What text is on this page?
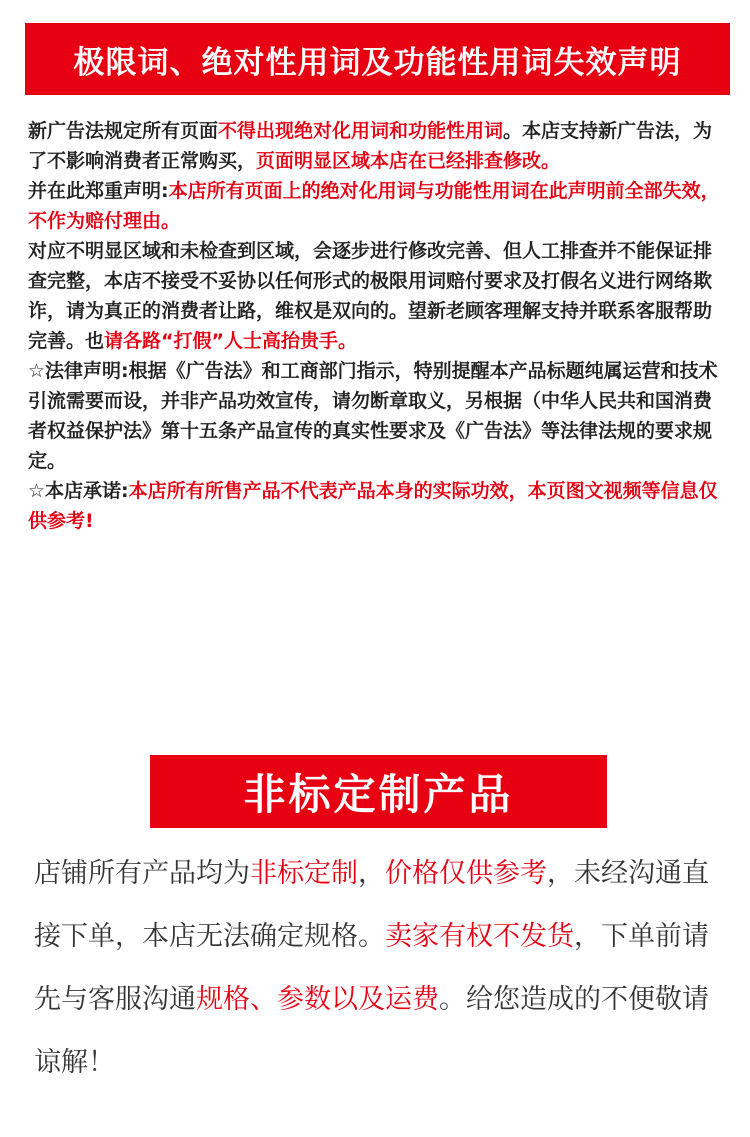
极限词、绝对性用词及功能性用词失效声明

新广告法规定所有页面不得出现绝对化用词和功能性用词。本店支持新广告法，为了不影响消费者正常购买，页面明显区域本店在已经排查修改。

并在此郑重声明:本店所有页面上的绝对化用词与功能性用词在此声明前全部失效，不作为赔付理由。

对应不明显区域和未检查到区域，会逐步进行修改完善、但人工排查并不能保证排查完整，本店不接受不妥协以任何形式的极限用词赔付要求及打假名义进行网络欺诈，请为真正的消费者让路，维权是双向的。望新老顾客理解支持并联系客服帮助完善。也请各路“打假”人士高抬贵手。

☆法律声明:根据《广告法》和工商部门指示，特别提醒本产品标题纯属运营和技术引流需要而设，并非产品功效宣传，请勿断章取义，另根据（中华人民共和国消费者权益保护法》第十五条产品宣传的真实性要求及《广告法》等法律法规的要求规定。

☆本店承诺:本店所有所售产品不代表产品本身的实际功效，本页图文视频等信息仅供参考!

非标定制产品

店铺所有产品均为非标定制，价格仅供参考，未经沟通直接下单，本店无法确定规格。卖家有权不发货，下单前请先与客服沟通规格、参数以及运费。给您造成的不便敬请谅解！
